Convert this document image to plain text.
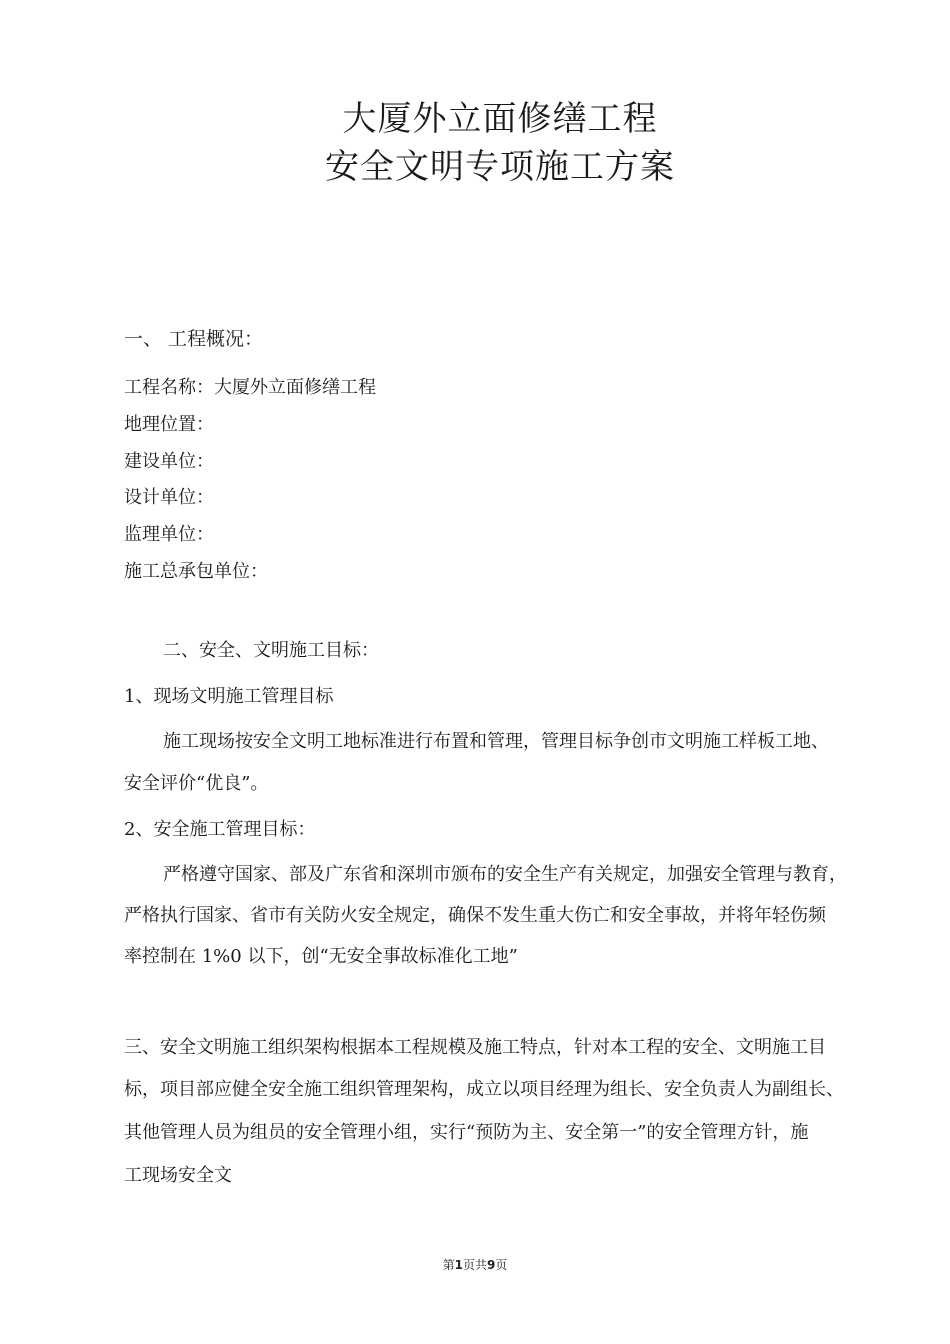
大厦外立面修缮工程
安全文明专项施工方案
一、 工程概况：
工程名称：大厦外立面修缮工程
地理位置：
建设单位：
设计单位：
监理单位：
施工总承包单位：
二、安全、文明施工目标：
1、现场文明施工管理目标
施工现场按安全文明工地标准进行布置和管理，管理目标争创市文明施工样板工地、
安全评价“优良”。
2、安全施工管理目标：
严格遵守国家、部及广东省和深圳市颁布的安全生产有关规定，加强安全管理与教育，
严格执行国家、省市有关防火安全规定，确保不发生重大伤亡和安全事故，并将年轻伤频
率控制在 1%0 以下，创“无安全事故标准化工地”
三、安全文明施工组织架构根据本工程规模及施工特点，针对本工程的安全、文明施工目
标，项目部应健全安全施工组织管理架构，成立以项目经理为组长、安全负责人为副组长、
其他管理人员为组员的安全管理小组，实行“预防为主、安全第一”的安全管理方针，施
工现场安全文
第1页共9页
